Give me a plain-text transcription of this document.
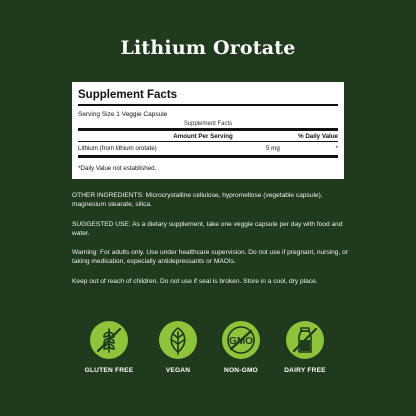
Lithium Orotate
Supplement Facts
Serving Size 1 Veggie Capsule
Supplement Facts
Amount Per Serving	% Daily Value
Lithium (from lithium orotate)	5 mg	*
*Daily Value not established.

OTHER INGREDIENTS: Microcrystalline cellulose, hypromellose (vegetable capsule), magnesium stearate, silica.

SUGGESTED USE: As a dietary supplement, take one veggie capsule per day with food and water.

Warning: For adults only. Use under healthcare supervision. Do not use if pregnant, nursing, or taking medication, especially antidepressants or MAOIs.

Keep out of reach of children. Do not use if seal is broken. Store in a cool, dry place.

GLUTEN FREE	VEGAN
GMO
NON-GMO	DAIRY FREE
